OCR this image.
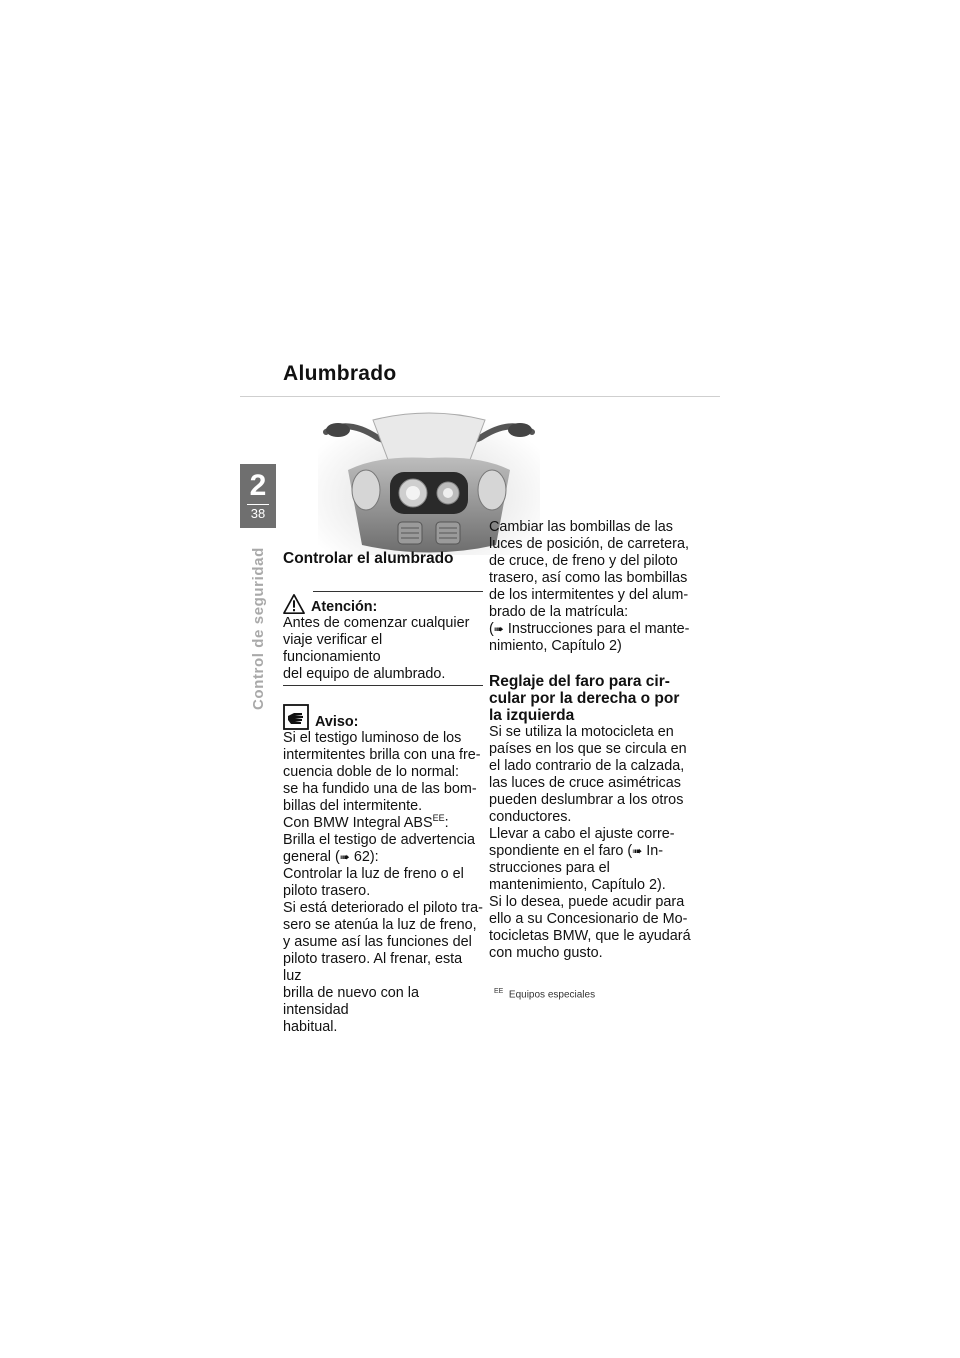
Alumbrado
2
38
Control de seguridad Controlar el alumbrado

Atención:
Antes de comenzar cualquier
viaje verificar el funcionamiento
del equipo de alumbrado.
Aviso:
Si el testigo luminoso de los
intermitentes brilla con una fre-
cuencia doble de lo normal:
se ha fundido una de las bom-
billas del intermitente.
Con BMW Integral $ABS^{EE}$:
Brilla el testigo de advertencia
general (➠ 62):
Controlar la luz de freno o el
piloto trasero.
Si está deteriorado el piloto tra-
sero se atenúa la luz de freno,
y asume así las funciones del
piloto trasero. Al frenar, esta luz
brilla de nuevo con la intensidad
habitual.
Cambiar las bombillas de las
luces de posición, de carretera,
de cruce, de freno y del piloto
trasero, así como las bombillas
de los intermitentes y del alum-
brado de la matrícula:
(➠ Instrucciones para el mante-
nimiento, Capítulo 2)
Reglaje del faro para cir-
cular por la derecha o por
la izquierda
Si se utiliza la motocicleta en
países en los que se circula en
el lado contrario de la calzada,
las luces de cruce asimétricas
pueden deslumbrar a los otros
conductores.
Llevar a cabo el ajuste corre-
spondiente en el faro (➠ In-
strucciones para el
mantenimiento, Capítulo 2).
Si lo desea, puede acudir para
ello a su Concesionario de Mo-
tocicletas BMW, que le ayudará
con mucho gusto.
$^{EE}$ Equipos especiales
